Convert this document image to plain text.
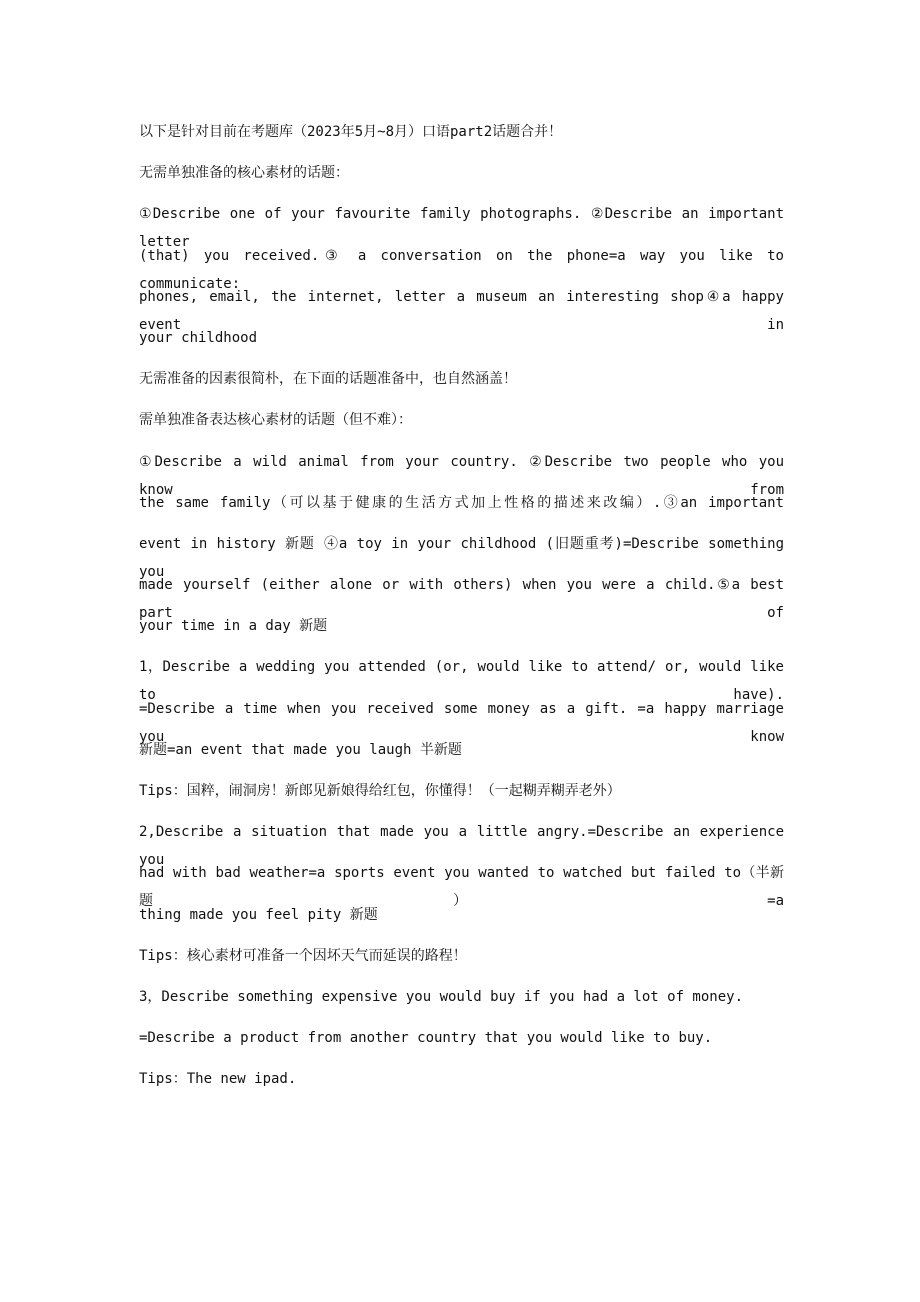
以下是针对目前在考题库（2023年5月~8月）口语part2话题合并！
无需单独准备的核心素材的话题：
①Describe one of your favourite family photographs. ②Describe an important letter
(that) you received.③ a conversation on the phone=a way you like to communicate:
phones, email, the internet, letter a museum an interesting shop④a happy event in
your childhood
无需准备的因素很简朴，在下面的话题准备中，也自然涵盖！
需单独准备表达核心素材的话题（但不难）：
①Describe a wild animal from your country. ②Describe two people who you know from
the same family（可以基于健康的生活方式加上性格的描述来改编）.③an important
event in history 新题 ④a toy in your childhood (旧题重考)=Describe something you
made yourself (either alone or with others) when you were a child.⑤a best part of
your time in a day 新题
1，Describe a wedding you attended (or, would like to attend/ or, would like to have).
=Describe a time when you received some money as a gift. =a happy marriage you know
新题=an event that made you laugh 半新题
Tips：国粹，闹洞房！新郎见新娘得给红包，你懂得！（一起糊弄糊弄老外）
2,Describe a situation that made you a little angry.=Describe an experience you
had with bad weather=a sports event you wanted to watched but failed to（半新题）=a
thing made you feel pity 新题
Tips：核心素材可准备一个因坏天气而延误的路程！
3，Describe something expensive you would buy if you had a lot of money.
=Describe a product from another country that you would like to buy.
Tips：The new ipad.
